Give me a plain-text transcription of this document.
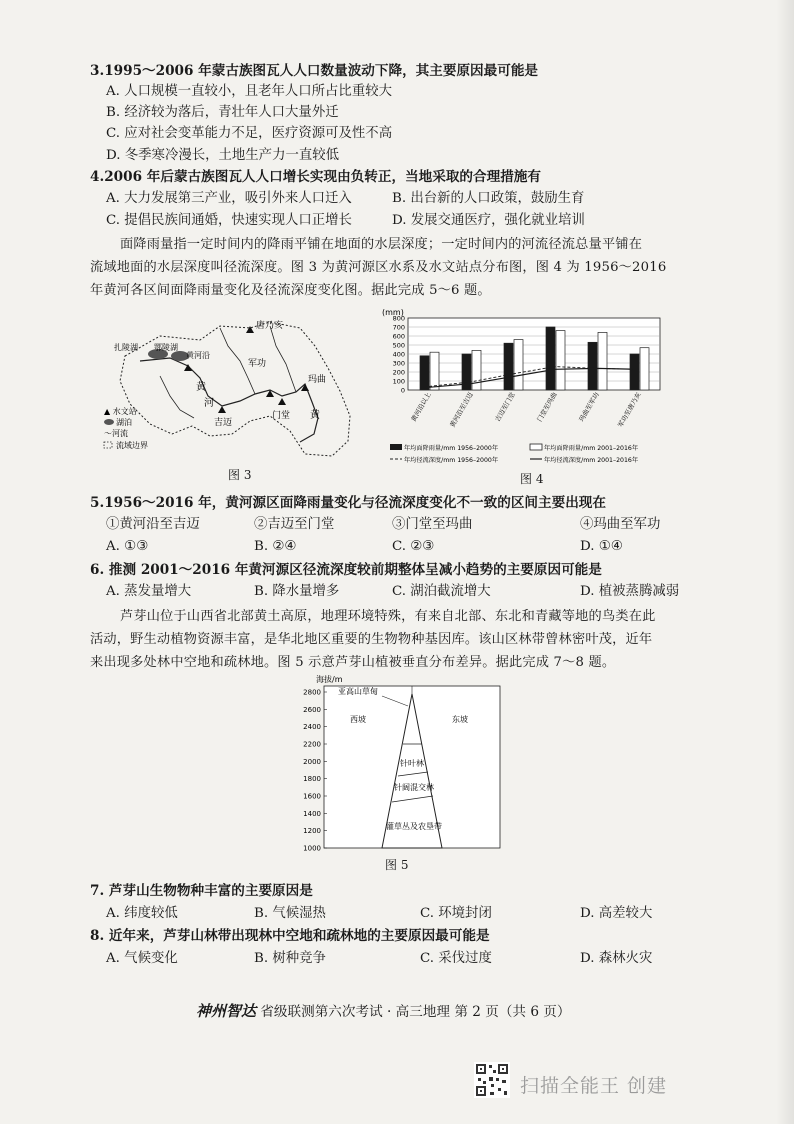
3.1995～2006 年蒙古族图瓦人人口数量波动下降，其主要原因最可能是
A. 人口规模一直较小，且老年人口所占比重较大
B. 经济较为落后，青壮年人口大量外迁
C. 应对社会变革能力不足，医疗资源可及性不高
D. 冬季寒冷漫长，土地生产力一直较低
4.2006 年后蒙古族图瓦人人口增长实现由负转正，当地采取的合理措施有
A. 大力发展第三产业，吸引外来人口迁入	B. 出台新的人口政策，鼓励生育
C. 提倡民族间通婚，快速实现人口正增长	D. 发展交通医疗，强化就业培训
面降雨量指一定时间内的降雨平铺在地面的水层深度；一定时间内的河流径流总量平铺在
流域地面的水层深度叫径流深度。图 3 为黄河源区水系及水文站点分布图，图 4 为 1956～2016
年黄河各区间面降雨量变化及径流深度变化图。据此完成 5～6 题。
唐乃亥
玛曲
军功
门堂
吉迈
黄河沿
扎陵湖 鄂陵湖
黄
河
黄
▲ 水文站
湖泊
～河流
流域边界
图 3
(mm)
0
100
200
300
400
500
600
700
800
黄河沿以上 黄河沿至吉迈	吉迈至门堂	门堂至玛曲	玛曲至军功 军功至唐乃亥
年均面降雨量/mm 1956–2000年	年均面降雨量/mm 2001–2016年
年均径流深度/mm 1956–2000年	年均径流深度/mm 2001–2016年
图 4
5.1956～2016 年，黄河源区面降雨量变化与径流深度变化不一致的区间主要出现在
①黄河沿至吉迈	②吉迈至门堂	③门堂至玛曲	④玛曲至军功
A. ①③	B. ②④	C. ②③	D. ①④
6. 推测 2001～2016 年黄河源区径流深度较前期整体呈减小趋势的主要原因可能是
A. 蒸发量增大	B. 降水量增多	C. 湖泊截流增大	D. 植被蒸腾减弱
芦芽山位于山西省北部黄土高原，地理环境特殊，有来自北部、东北和青藏等地的鸟类在此
活动，野生动植物资源丰富，是华北地区重要的生物物种基因库。该山区林带曾林密叶茂，近年
来出现多处林中空地和疏林地。图 5 示意芦芽山植被垂直分布差异。据此完成 7～8 题。
海拔/m
1000
1200
1400
1600
1800
2000
2200
2400
2600
2800 亚高山草甸
西坡	东坡
针叶林
针阔混交林
灌草丛及农垦带
图 5
7. 芦芽山生物物种丰富的主要原因是
A. 纬度较低	B. 气候湿热	C. 环境封闭	D. 高差较大
8. 近年来，芦芽山林带出现林中空地和疏林地的主要原因最可能是
A. 气候变化	B. 树种竞争	C. 采伐过度	D. 森林火灾
神州智达 省级联测第六次考试 · 高三地理 第 2 页（共 6 页）
扫描全能王 创建
